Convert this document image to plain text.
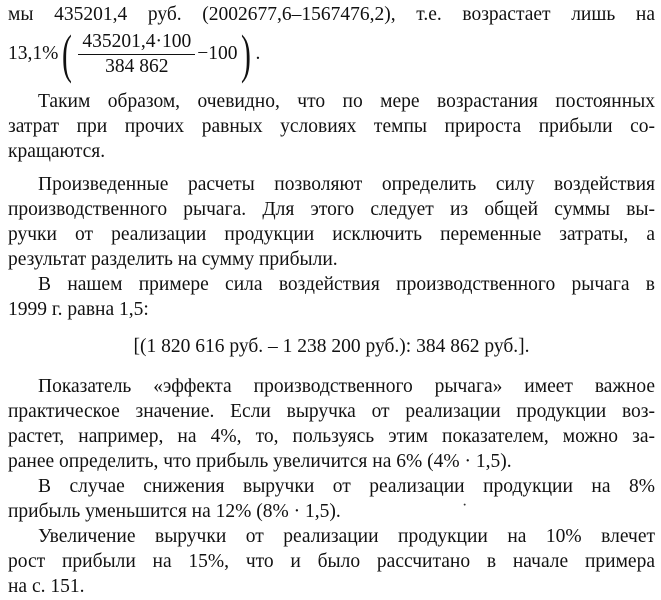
мы 435201,4 руб. (2002677,6–1567476,2), т.е. возрастает лишь на
13,1% ( $\frac{435201,4\cdot 100}{384 862} -100$ ) .
Таким образом, очевидно, что по мере возрастания постоянных
затрат при прочих равных условиях темпы прироста прибыли со-
кращаются.
Произведенные расчеты позволяют определить силу воздействия
производственного рычага. Для этого следует из общей суммы вы-
ручки от реализации продукции исключить переменные затраты, а
результат разделить на сумму прибыли.
В нашем примере сила воздействия производственного рычага в
1999 г. равна 1,5:
[(1 820 616 руб. – 1 238 200 руб.): 384 862 руб.].
Показатель «эффекта производственного рычага» имеет важное
практическое значение. Если выручка от реализации продукции воз-
растет, например, на 4%, то, пользуясь этим показателем, можно за-
ранее определить, что прибыль увеличится на 6% (4% · 1,5).
В случае снижения выручки от реализации продукции на 8%
прибыль уменьшится на 12% (8% · 1,5).
Увеличение выручки от реализации продукции на 10% влечет
рост прибыли на 15%, что и было рассчитано в начале примера
на с. 151.
·
